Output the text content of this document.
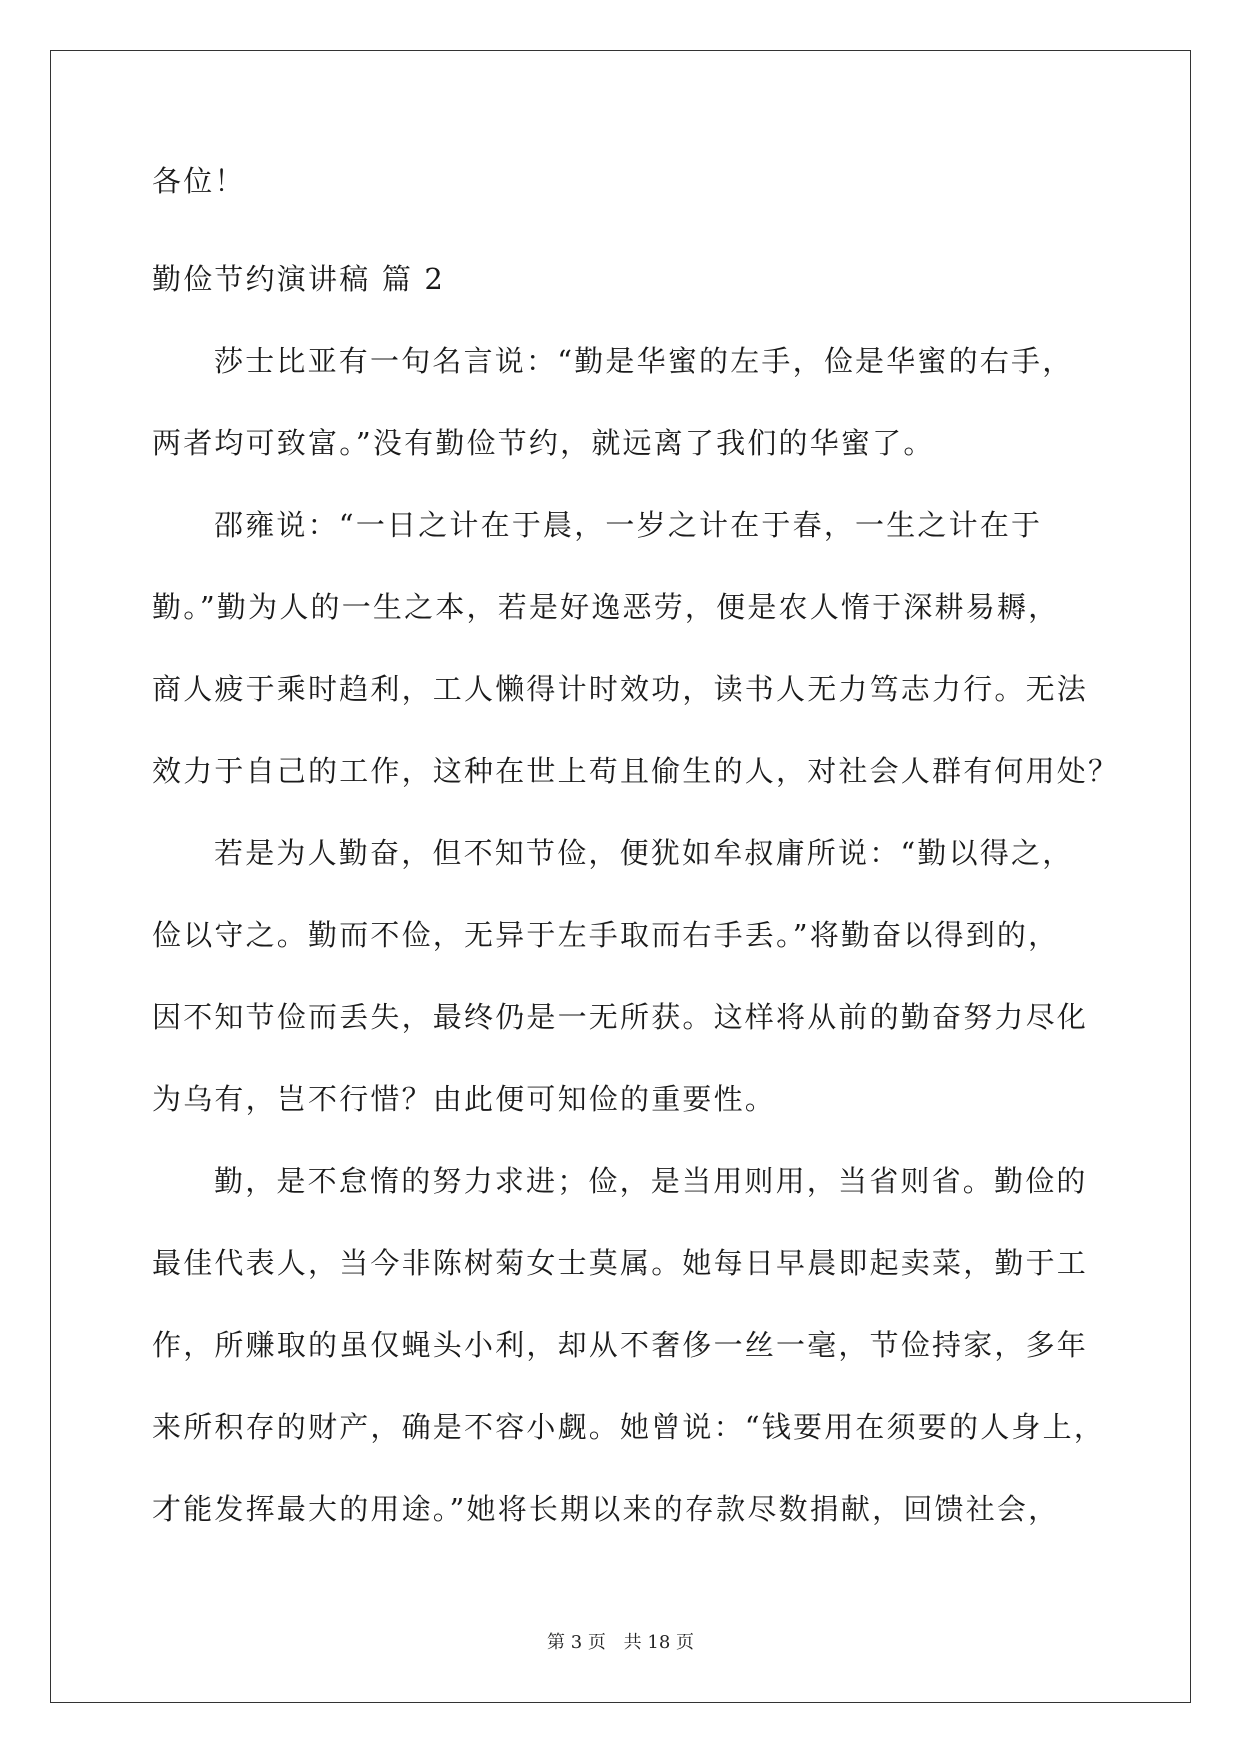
各位！
勤俭节约演讲稿 篇 2
莎士比亚有一句名言说：“勤是华蜜的左手，俭是华蜜的右手，
两者均可致富。”没有勤俭节约，就远离了我们的华蜜了。
邵雍说：“一日之计在于晨，一岁之计在于春，一生之计在于
勤。”勤为人的一生之本，若是好逸恶劳，便是农人惰于深耕易耨，
商人疲于乘时趋利，工人懒得计时效功，读书人无力笃志力行。无法
效力于自己的工作，这种在世上苟且偷生的人，对社会人群有何用处？
若是为人勤奋，但不知节俭，便犹如牟叔庸所说：“勤以得之，
俭以守之。勤而不俭，无异于左手取而右手丢。”将勤奋以得到的，
因不知节俭而丢失，最终仍是一无所获。这样将从前的勤奋努力尽化
为乌有，岂不行惜？由此便可知俭的重要性。
勤，是不怠惰的努力求进；俭，是当用则用，当省则省。勤俭的
最佳代表人，当今非陈树菊女士莫属。她每日早晨即起卖菜，勤于工
作，所赚取的虽仅蝇头小利，却从不奢侈一丝一毫，节俭持家，多年
来所积存的财产，确是不容小觑。她曾说：“钱要用在须要的人身上，
才能发挥最大的用途。”她将长期以来的存款尽数捐献，回馈社会，
第 3 页 共 18 页
